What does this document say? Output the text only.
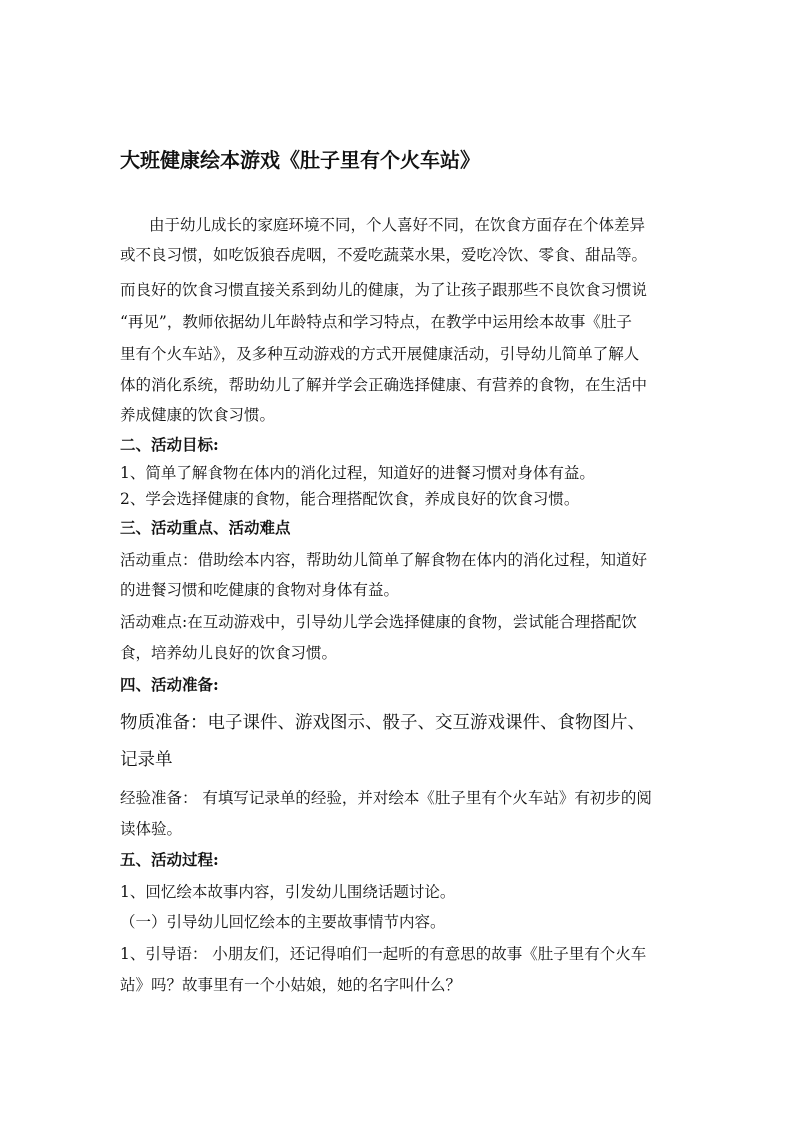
大班健康绘本游戏《肚子里有个火车站》
由于幼儿成长的家庭环境不同，个人喜好不同，在饮食方面存在个体差异
或不良习惯，如吃饭狼吞虎咽，不爱吃蔬菜水果，爱吃冷饮、零食、甜品等。
而良好的饮食习惯直接关系到幼儿的健康，为了让孩子跟那些不良饮食习惯说
“再见”，教师依据幼儿年龄特点和学习特点，在教学中运用绘本故事《肚子
里有个火车站》，及多种互动游戏的方式开展健康活动，引导幼儿简单了解人
体的消化系统，帮助幼儿了解并学会正确选择健康、有营养的食物，在生活中
养成健康的饮食习惯。
二、活动目标:
1、简单了解食物在体内的消化过程，知道好的进餐习惯对身体有益。
2、学会选择健康的食物，能合理搭配饮食，养成良好的饮食习惯。
三、活动重点、活动难点
活动重点：借助绘本内容，帮助幼儿简单了解食物在体内的消化过程，知道好
的进餐习惯和吃健康的食物对身体有益。
活动难点:在互动游戏中，引导幼儿学会选择健康的食物，尝试能合理搭配饮
食，培养幼儿良好的饮食习惯。
四、活动准备:
物质准备：电子课件、游戏图示、骰子、交互游戏课件、食物图片、
记录单
经验准备： 有填写记录单的经验，并对绘本《肚子里有个火车站》有初步的阅
读体验。
五、活动过程:
1、回忆绘本故事内容，引发幼儿围绕话题讨论。
（一）引导幼儿回忆绘本的主要故事情节内容。
1、引导语： 小朋友们，还记得咱们一起听的有意思的故事《肚子里有个火车
站》吗？故事里有一个小姑娘，她的名字叫什么？
